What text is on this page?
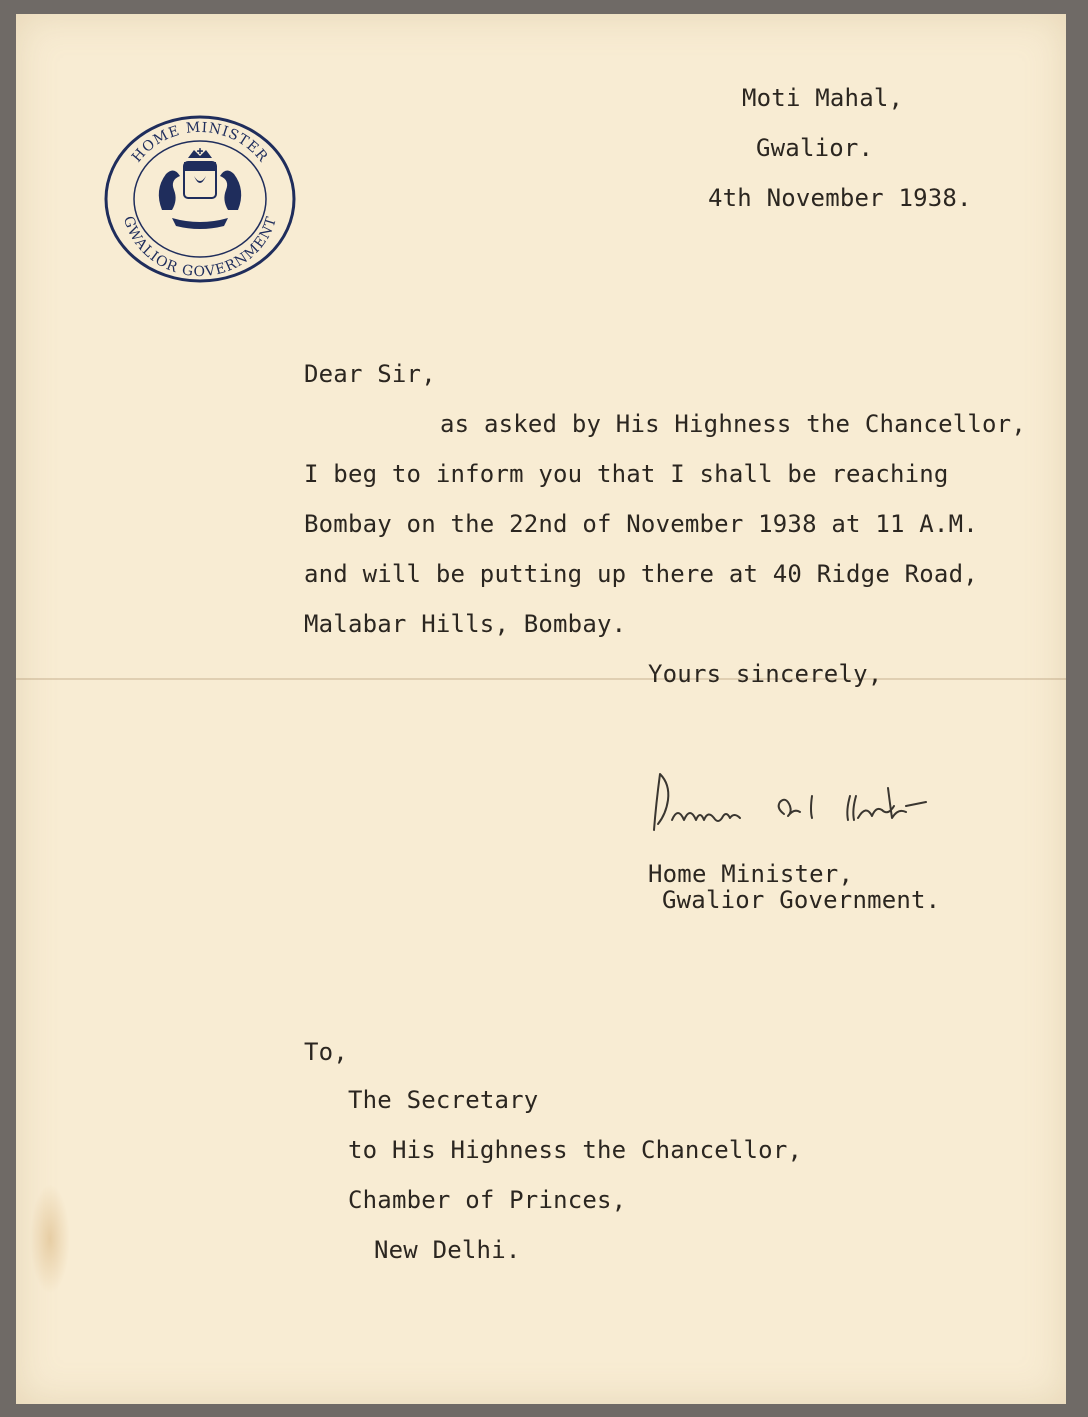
HOME MINISTER
GWALIOR GOVERNMENT
✚
Moti Mahal,
Gwalior.
4th November 1938.
Dear Sir,
as asked by His Highness the Chancellor,
I beg to inform you that I shall be reaching
Bombay on the 22nd of November 1938 at 11 A.M.
and will be putting up there at 40 Ridge Road,
Malabar Hills, Bombay.
Yours sincerely,
Home Minister,
Gwalior Government.
To,
The Secretary
to His Highness the Chancellor,
Chamber of Princes,
New Delhi.
